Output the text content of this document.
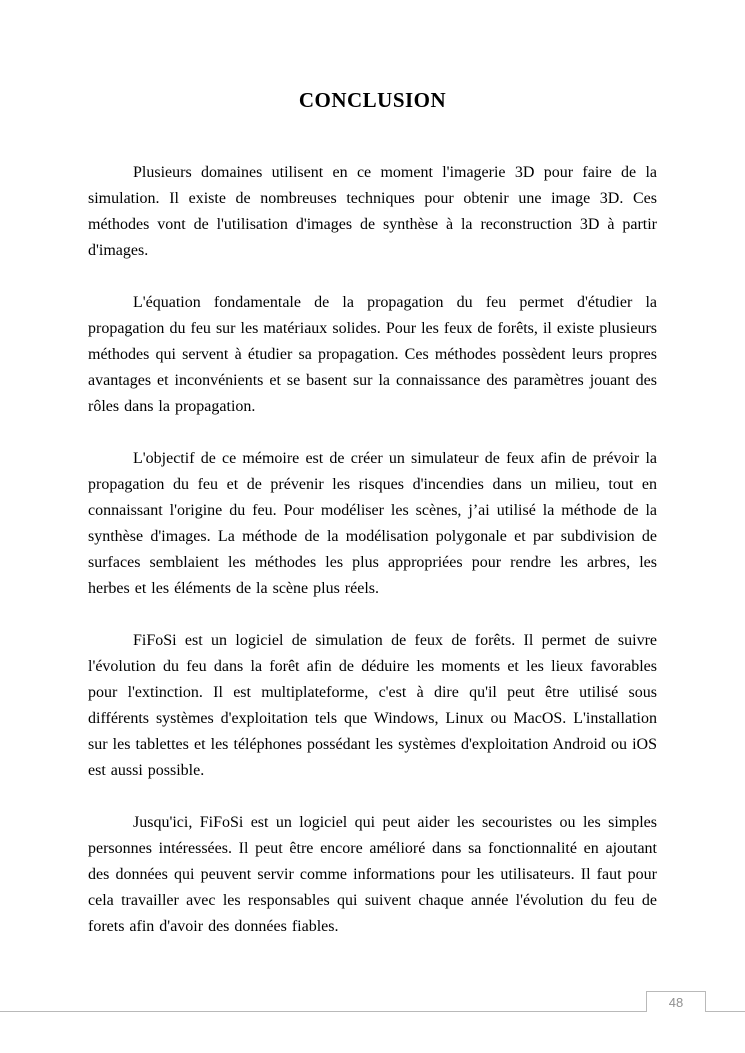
CONCLUSION

Plusieurs domaines utilisent en ce moment l'imagerie 3D pour faire de la simulation. Il existe de nombreuses techniques pour obtenir une image 3D. Ces méthodes vont de l'utilisation d'images de synthèse à la reconstruction 3D à partir d'images.

L'équation fondamentale de la propagation du feu permet d'étudier la propagation du feu sur les matériaux solides. Pour les feux de forêts, il existe plusieurs méthodes qui servent à étudier sa propagation. Ces méthodes possèdent leurs propres avantages et inconvénients et se basent sur la connaissance des paramètres jouant des rôles dans la propagation.

L'objectif de ce mémoire est de créer un simulateur de feux afin de prévoir la propagation du feu et de prévenir les risques d'incendies dans un milieu, tout en connaissant l'origine du feu. Pour modéliser les scènes, j’ai utilisé la méthode de la synthèse d'images. La méthode de la modélisation polygonale et par subdivision de surfaces semblaient les méthodes les plus appropriées pour rendre les arbres, les herbes et les éléments de la scène plus réels.

FiFoSi est un logiciel de simulation de feux de forêts. Il permet de suivre l'évolution du feu dans la forêt afin de déduire les moments et les lieux favorables pour l'extinction. Il est multiplateforme, c'est à dire qu'il peut être utilisé sous différents systèmes d'exploitation tels que Windows, Linux ou MacOS. L'installation sur les tablettes et les téléphones possédant les systèmes d'exploitation Android ou iOS est aussi possible.

Jusqu'ici, FiFoSi est un logiciel qui peut aider les secouristes ou les simples personnes intéressées. Il peut être encore amélioré dans sa fonctionnalité en ajoutant des données qui peuvent servir comme informations pour les utilisateurs. Il faut pour cela travailler avec les responsables qui suivent chaque année l'évolution du feu de forets afin d'avoir des données fiables.

48
